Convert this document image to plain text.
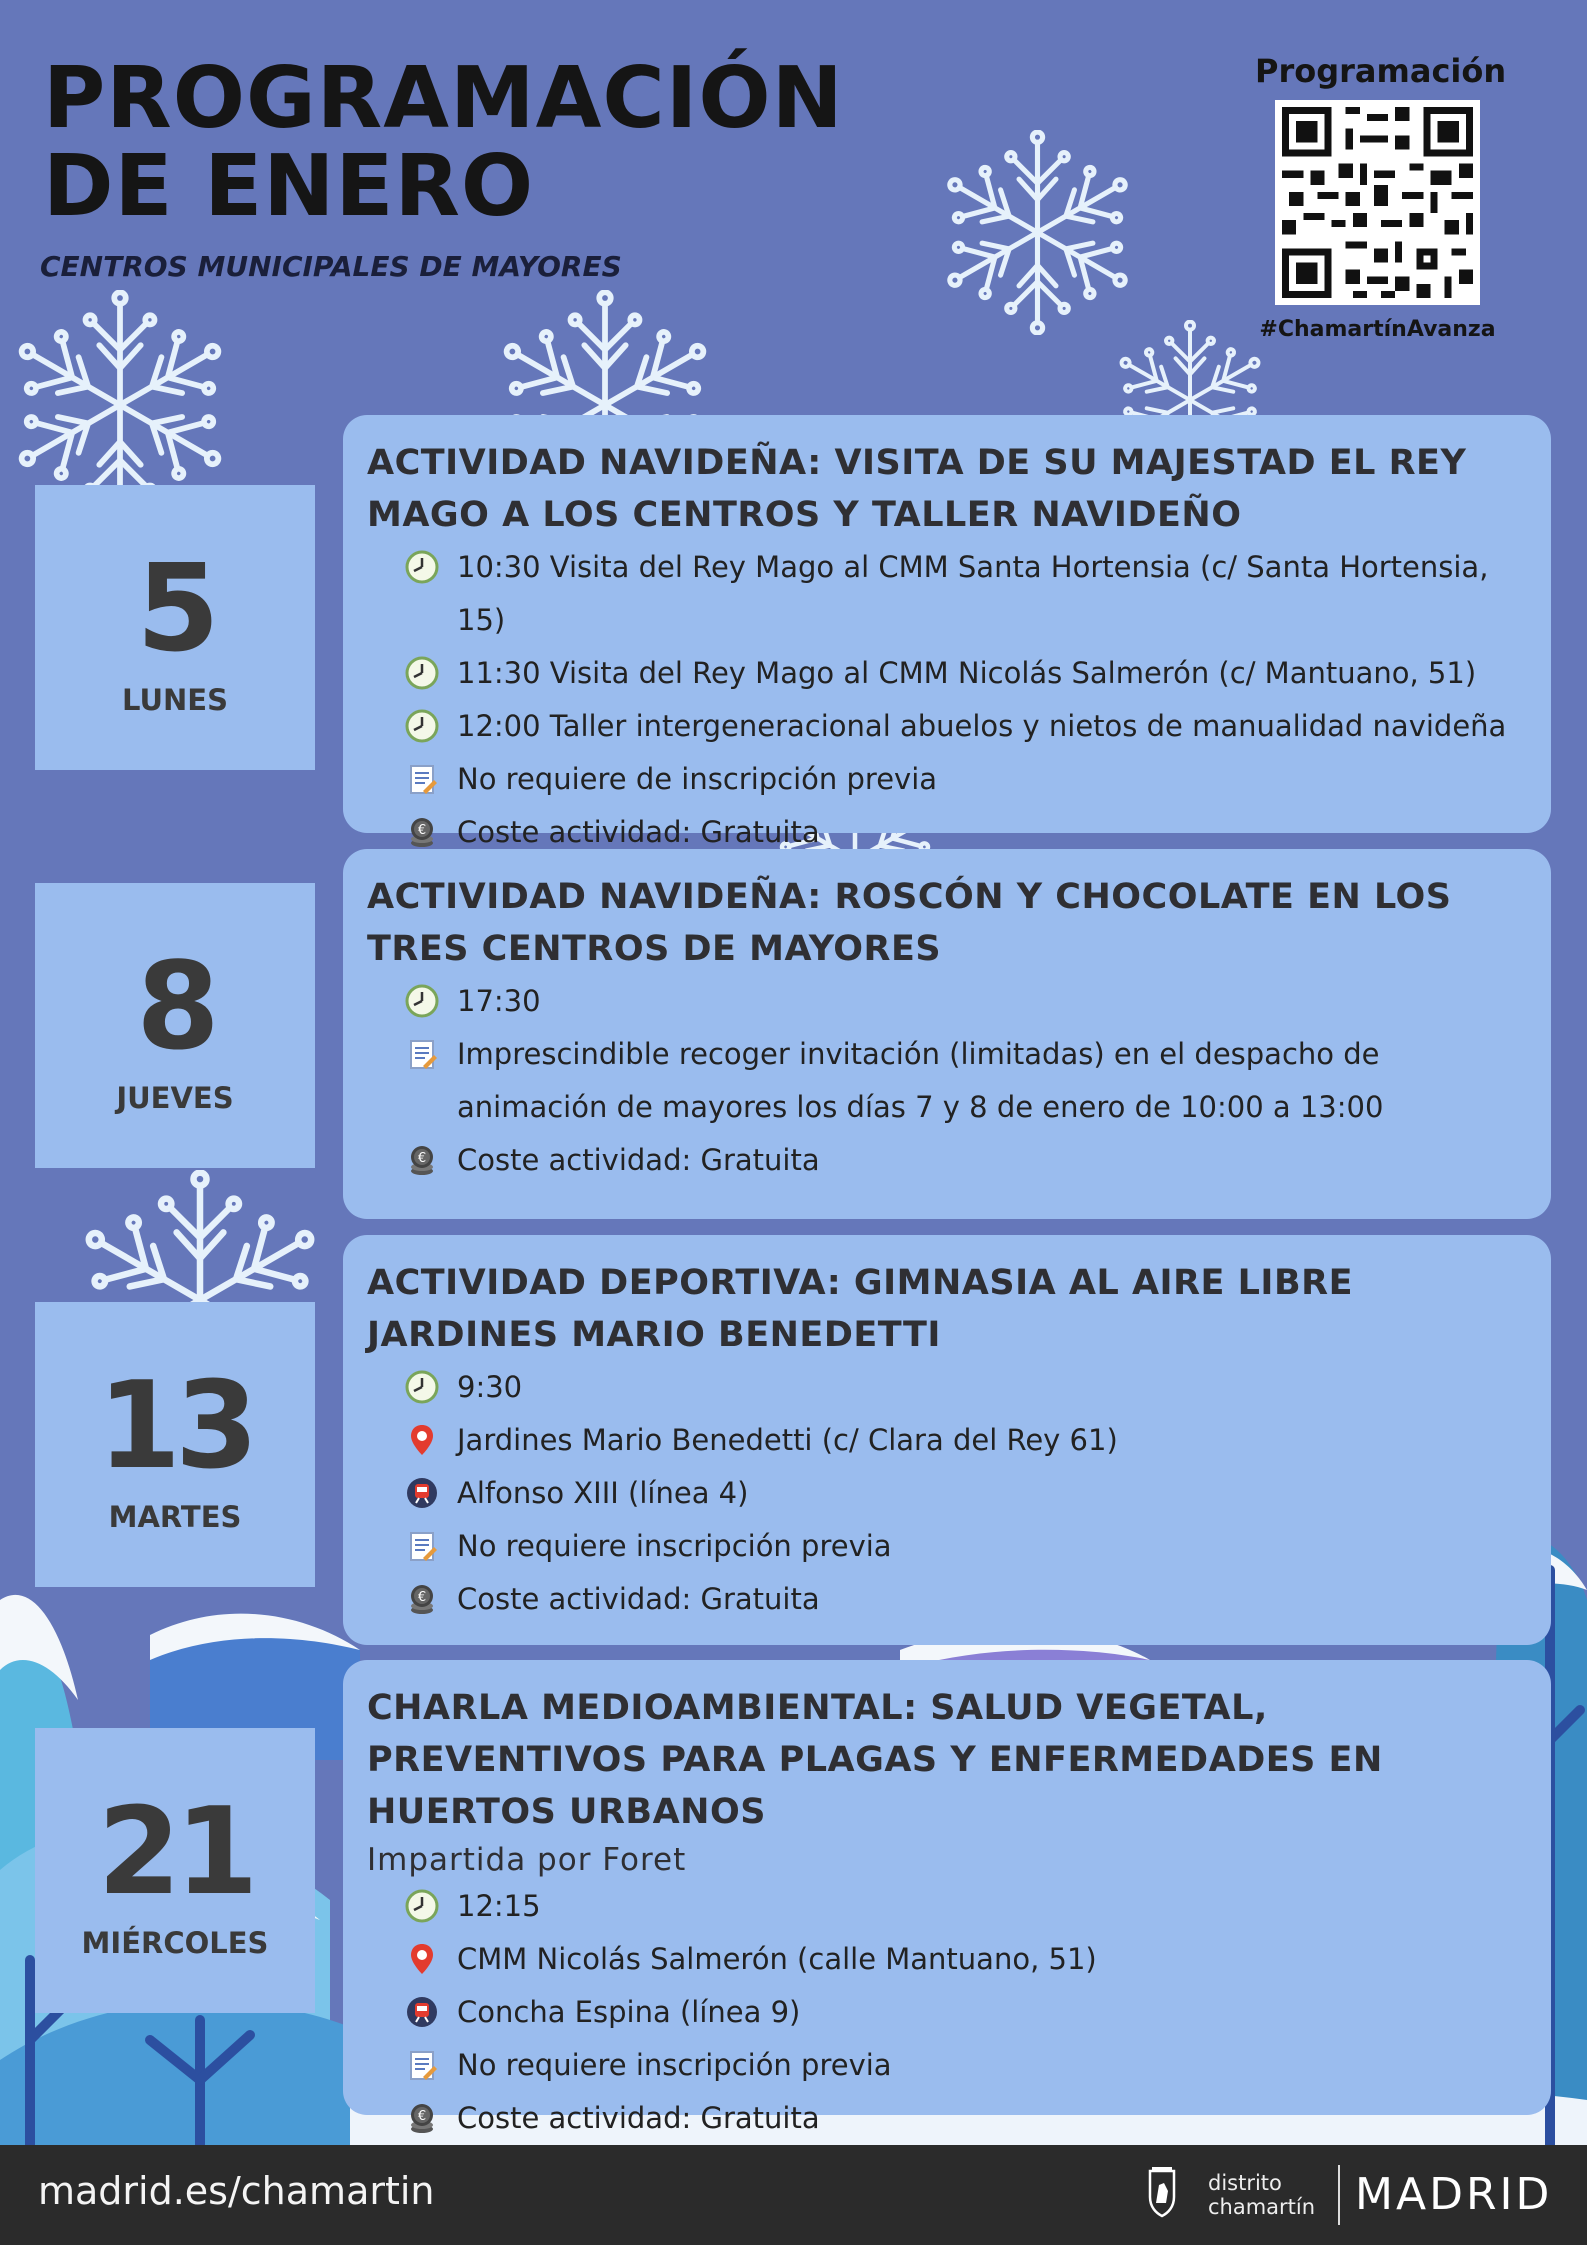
PROGRAMACIÓN DE ENERO

CENTROS MUNICIPALES DE MAYORES

Programación
#ChamartínAvanza
5
LUNES
ACTIVIDAD NAVIDEÑA: VISITA DE SU MAJESTAD EL REY MAGO A LOS CENTROS Y TALLER NAVIDEÑO
10:30 Visita del Rey Mago al CMM Santa Hortensia (c/ Santa Hortensia, 15)
11:30 Visita del Rey Mago al CMM Nicolás Salmerón (c/ Mantuano, 51)
12:00 Taller intergeneracional abuelos y nietos de manualidad navideña
No requiere de inscripción previa
Coste actividad: Gratuita
8
JUEVES
ACTIVIDAD NAVIDEÑA: ROSCÓN Y CHOCOLATE EN LOS TRES CENTROS DE MAYORES
17:30
Imprescindible recoger invitación (limitadas) en el despacho de animación de mayores los días 7 y 8 de enero de 10:00 a 13:00
Coste actividad: Gratuita
13
MARTES
ACTIVIDAD DEPORTIVA: GIMNASIA AL AIRE LIBRE JARDINES MARIO BENEDETTI
9:30
Jardines Mario Benedetti (c/ Clara del Rey 61)
Alfonso XIII (línea 4)
No requiere inscripción previa
Coste actividad: Gratuita
21
MIÉRCOLES
CHARLA MEDIOAMBIENTAL: SALUD VEGETAL, PREVENTIVOS PARA PLAGAS Y ENFERMEDADES EN HUERTOS URBANOS
Impartida por Foret
12:15
CMM Nicolás Salmerón (calle Mantuano, 51)
Concha Espina (línea 9)
No requiere inscripción previa
Coste actividad: Gratuita
madrid.es/chamartin	distrito
chamartín MADRID
